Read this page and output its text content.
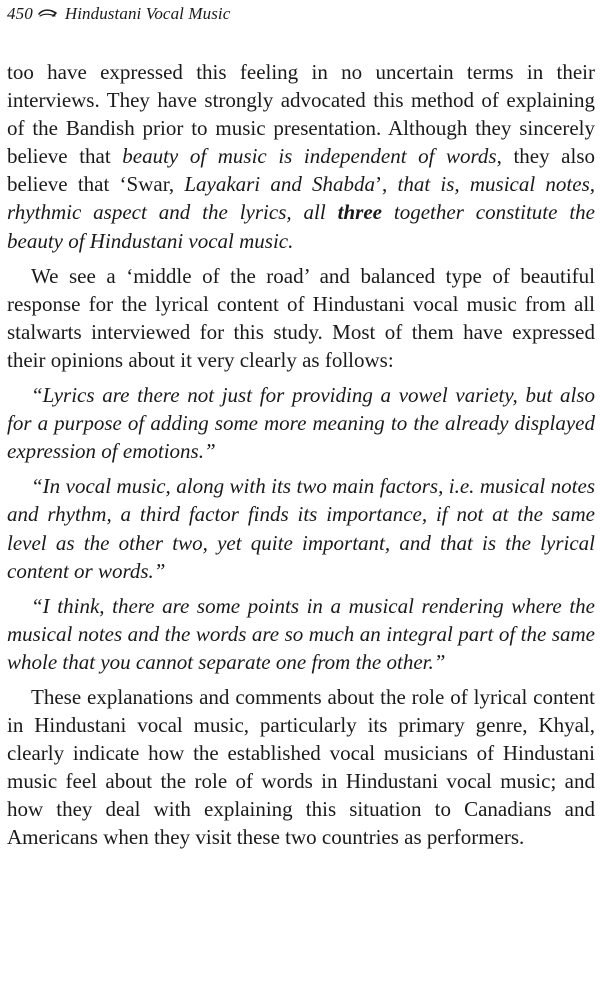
450 Hindustani Vocal Music

too have expressed this feeling in no uncertain terms in their interviews. They have strongly advocated this method of explaining of the Bandish prior to music presentation. Although they sincerely believe that beauty of music is independent of words, they also believe that ‘Swar, Layakari and Shabda’, that is, musical notes, rhythmic aspect and the lyrics, all three together constitute the beauty of Hindustani vocal music.

We see a ‘middle of the road’ and balanced type of beautiful response for the lyrical content of Hindustani vocal music from all stalwarts interviewed for this study. Most of them have expressed their opinions about it very clearly as follows:

“Lyrics are there not just for providing a vowel variety, but also for a purpose of adding some more meaning to the already displayed expression of emotions.”

“In vocal music, along with its two main factors, i.e. musical notes and rhythm, a third factor finds its importance, if not at the same level as the other two, yet quite important, and that is the lyrical content or words.”

“I think, there are some points in a musical rendering where the musical notes and the words are so much an integral part of the same whole that you cannot separate one from the other.”

These explanations and comments about the role of lyrical content in Hindustani vocal music, particularly its primary genre, Khyal, clearly indicate how the established vocal musicians of Hindustani music feel about the role of words in Hindustani vocal music; and how they deal with explaining this situation to Canadians and Americans when they visit these two countries as performers.
